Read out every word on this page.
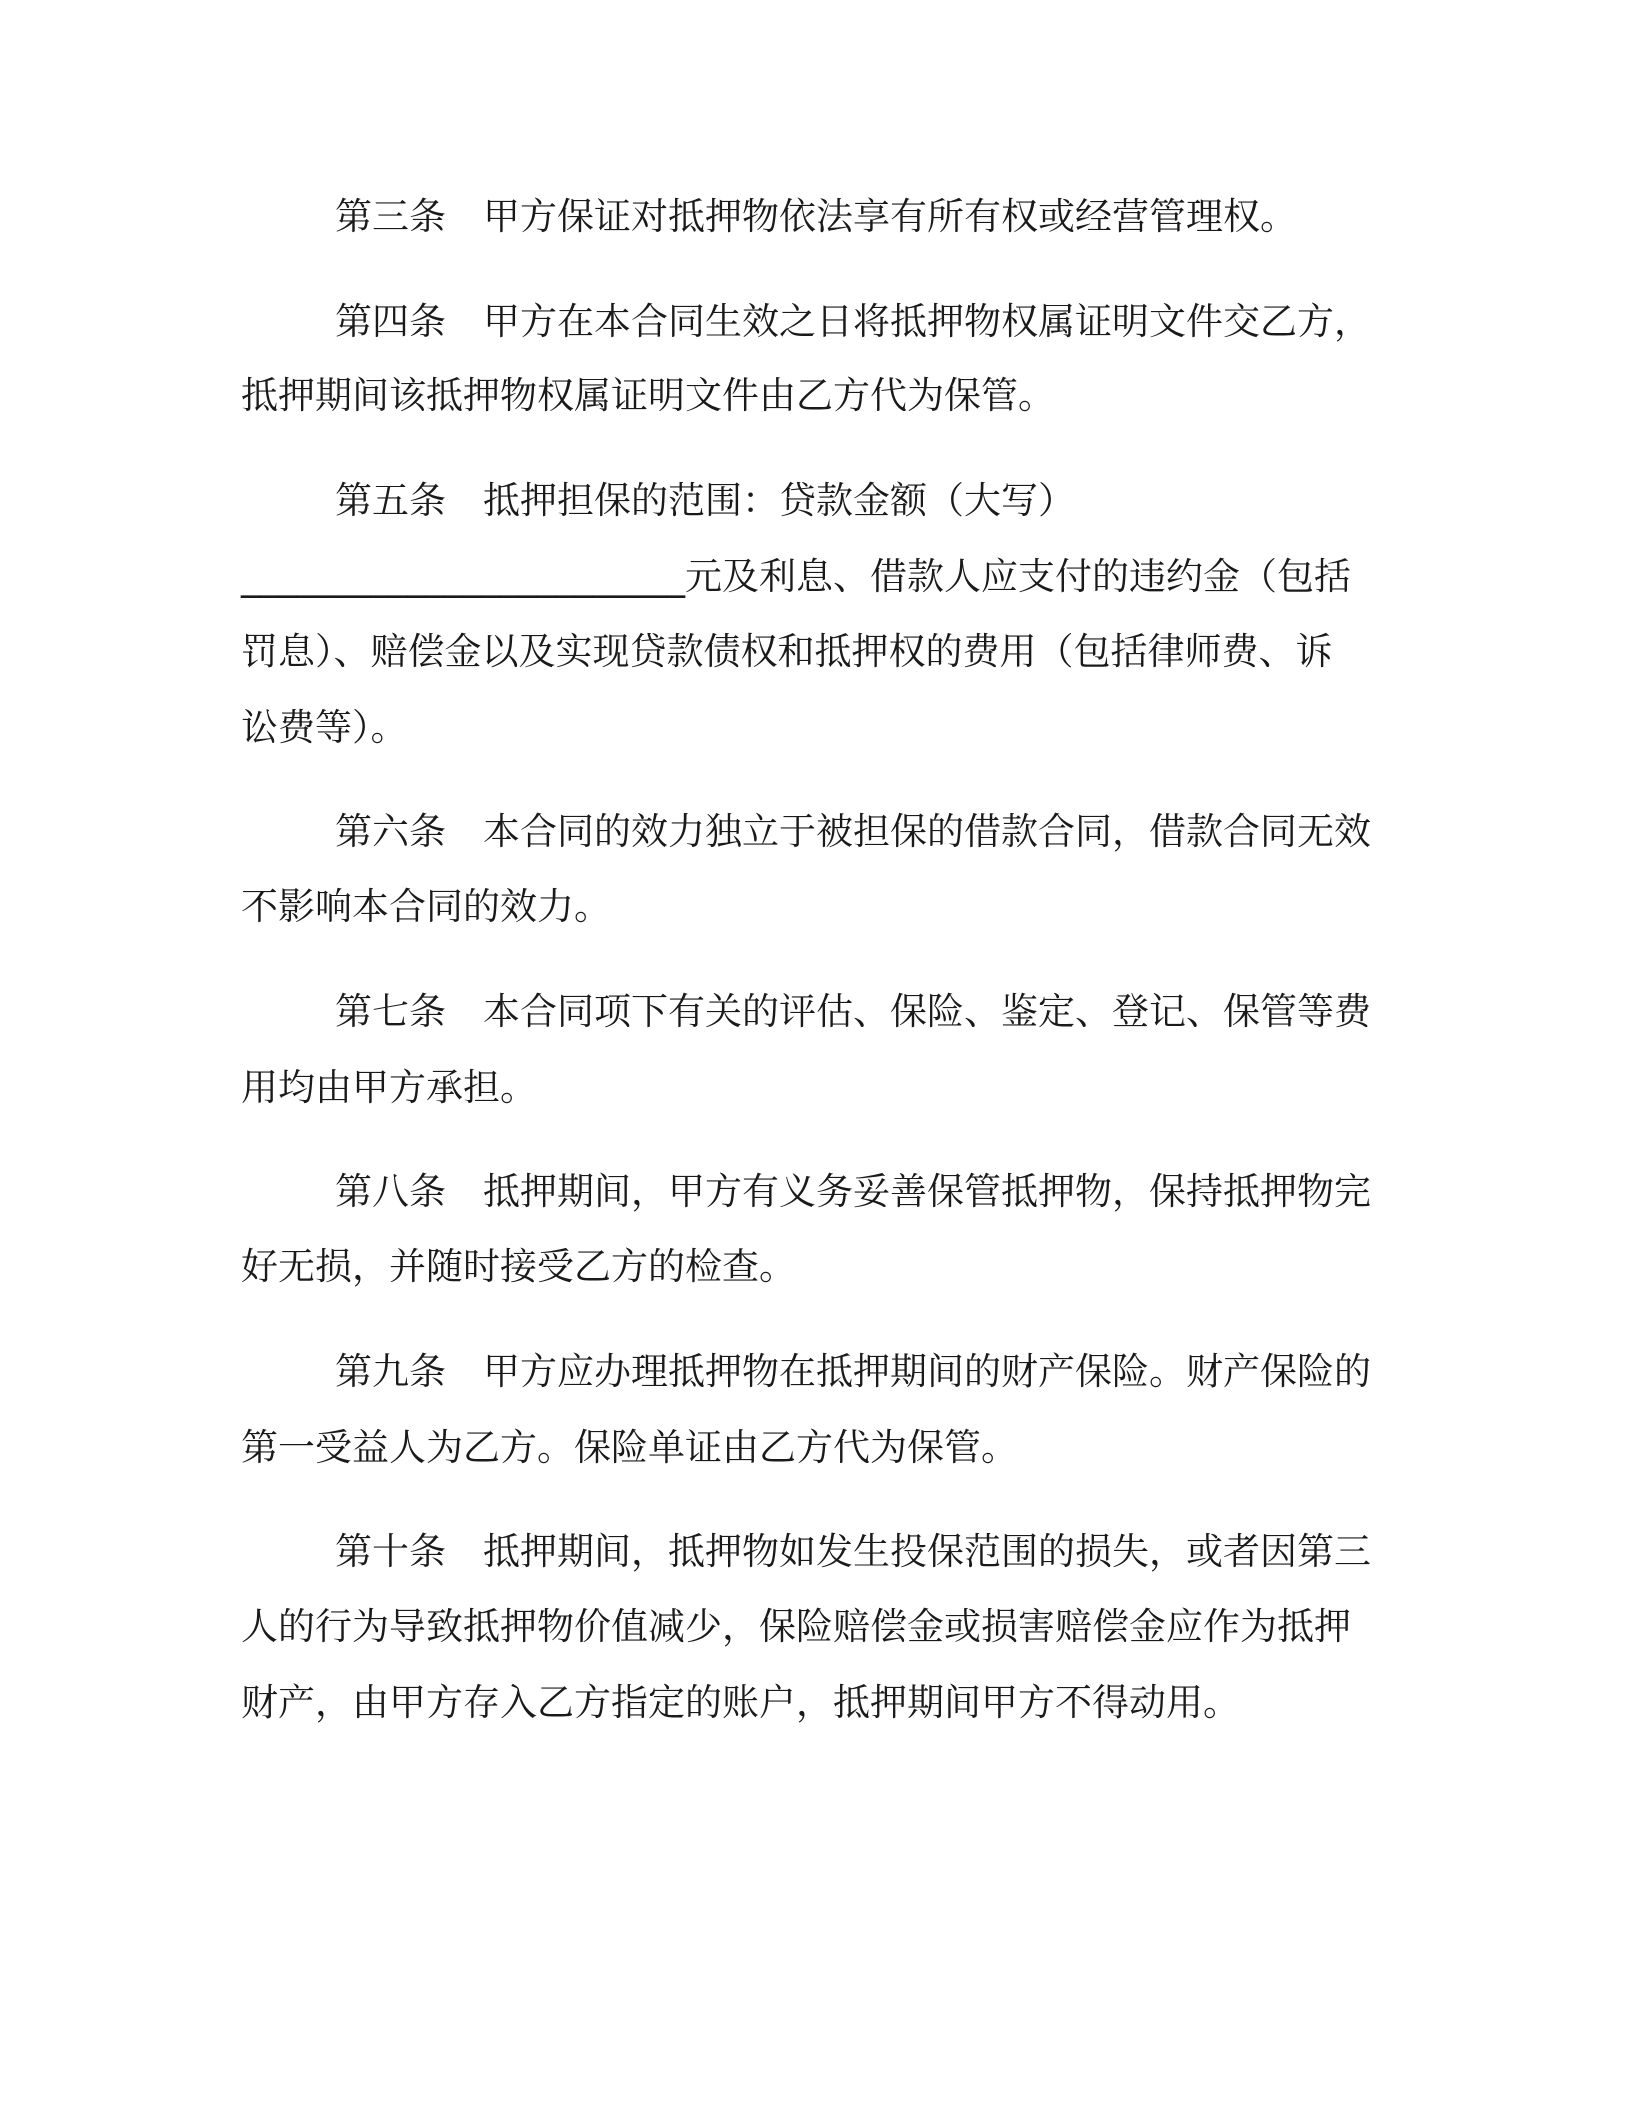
第三条　甲方保证对抵押物依法享有所有权或经营管理权。

第四条　甲方在本合同生效之日将抵押物权属证明文件交乙方，

抵押期间该抵押物权属证明文件由乙方代为保管。

第五条　抵押担保的范围：贷款金额（大写）

________________________元及利息、借款人应支付的违约金（包括

罚息）、赔偿金以及实现贷款债权和抵押权的费用（包括律师费、诉

讼费等）。

第六条　本合同的效力独立于被担保的借款合同，借款合同无效

不影响本合同的效力。

第七条　本合同项下有关的评估、保险、鉴定、登记、保管等费

用均由甲方承担。

第八条　抵押期间，甲方有义务妥善保管抵押物，保持抵押物完

好无损，并随时接受乙方的检查。

第九条　甲方应办理抵押物在抵押期间的财产保险。财产保险的

第一受益人为乙方。保险单证由乙方代为保管。

第十条　抵押期间，抵押物如发生投保范围的损失，或者因第三

人的行为导致抵押物价值减少，保险赔偿金或损害赔偿金应作为抵押

财产，由甲方存入乙方指定的账户，抵押期间甲方不得动用。
